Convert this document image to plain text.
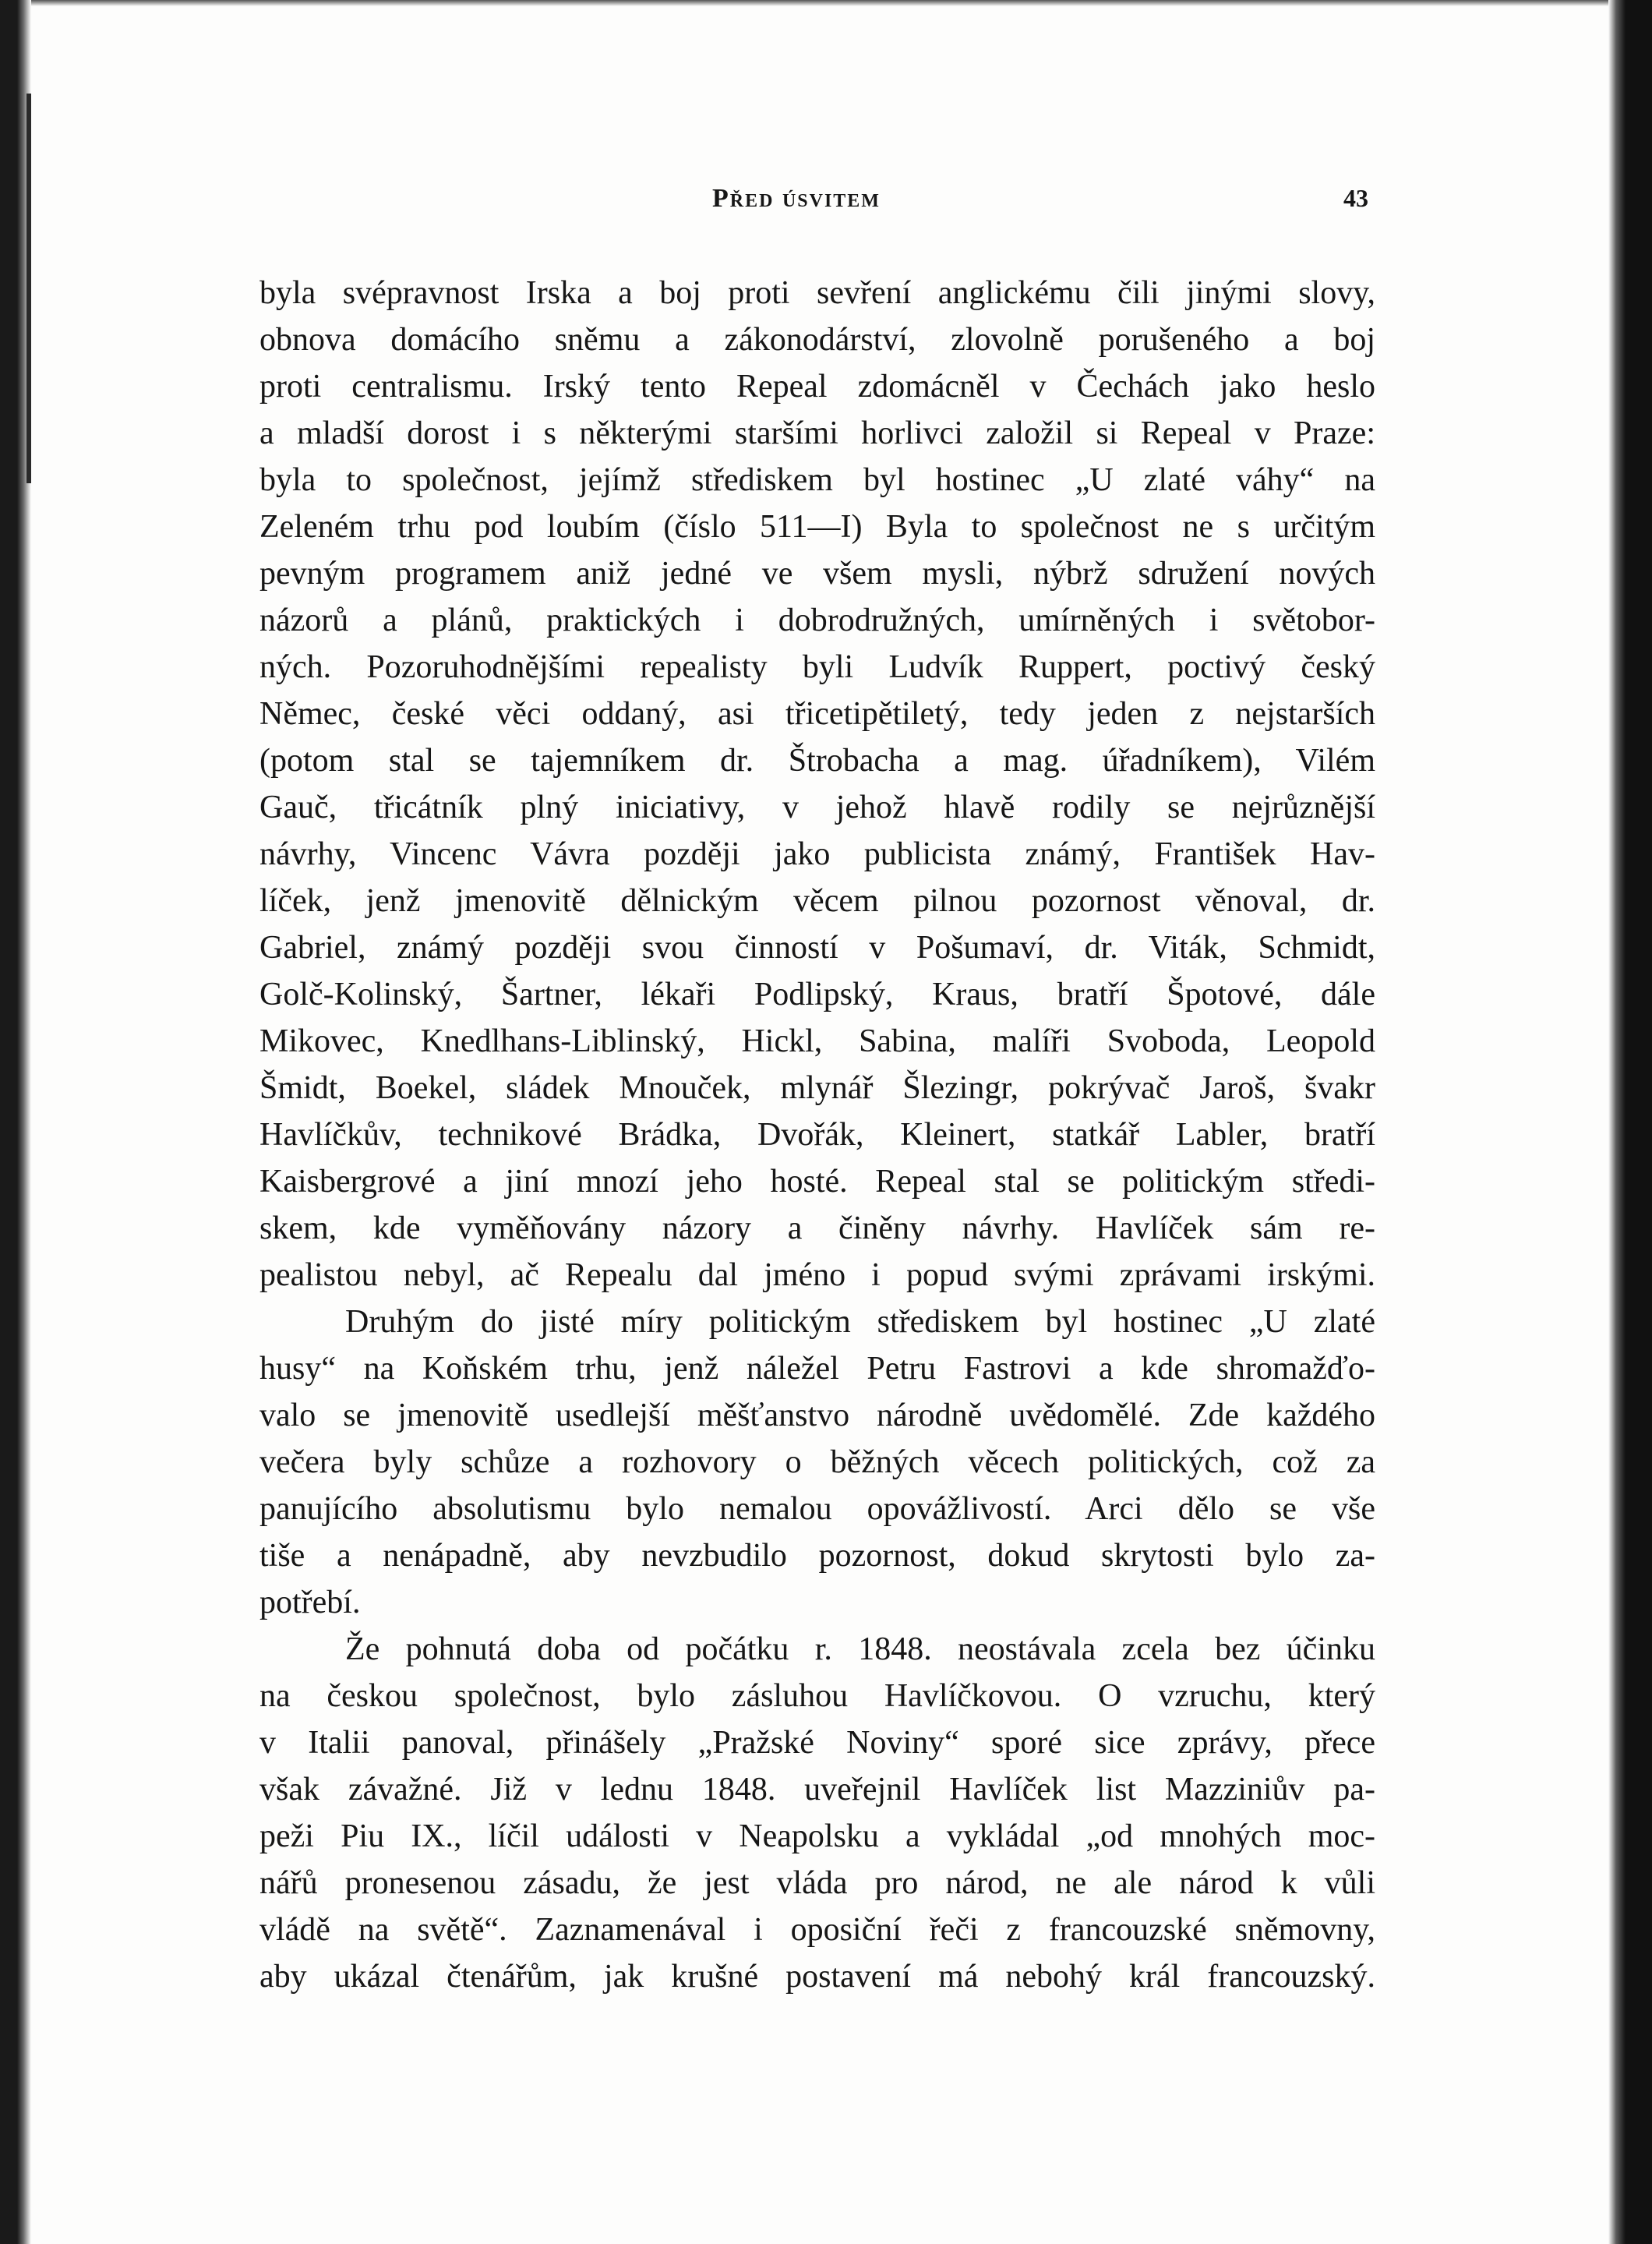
Před úsvitem	43
byla svépravnost Irska a boj proti sevření anglickému čili jinými slovy,
obnova domácího sněmu a zákonodárství, zlovolně porušeného a boj
proti centralismu. Irský tento Repeal zdomácněl v Čechách jako heslo
a mladší dorost i s některými staršími horlivci založil si Repeal v Praze:
byla to společnost, jejímž střediskem byl hostinec „U zlaté váhy“ na
Zeleném trhu pod loubím (číslo 511—I) Byla to společnost ne s určitým
pevným programem aniž jedné ve všem mysli, nýbrž sdružení nových
názorů a plánů, praktických i dobrodružných, umírněných i světobor-
ných. Pozoruhodnějšími repealisty byli Ludvík Ruppert, poctivý český
Němec, české věci oddaný, asi třicetipětiletý, tedy jeden z nejstarších
(potom stal se tajemníkem dr. Štrobacha a mag. úřadníkem), Vilém
Gauč, třicátník plný iniciativy, v jehož hlavě rodily se nejrůznější
návrhy, Vincenc Vávra později jako publicista známý, František Hav-
líček, jenž jmenovitě dělnickým věcem pilnou pozornost věnoval, dr.
Gabriel, známý později svou činností v Pošumaví, dr. Viták, Schmidt,
Golč-Kolinský, Šartner, lékaři Podlipský, Kraus, bratří Špotové, dále
Mikovec, Knedlhans-Liblinský, Hickl, Sabina, malíři Svoboda, Leopold
Šmidt, Boekel, sládek Mnouček, mlynář Šlezingr, pokrývač Jaroš, švakr
Havlíčkův, technikové Brádka, Dvořák, Kleinert, statkář Labler, bratří
Kaisbergrové a jiní mnozí jeho hosté. Repeal stal se politickým středi-
skem, kde vyměňovány názory a činěny návrhy. Havlíček sám re-
pealistou nebyl, ač Repealu dal jméno i popud svými zprávami irskými.
Druhým do jisté míry politickým střediskem byl hostinec „U zlaté
husy“ na Koňském trhu, jenž náležel Petru Fastrovi a kde shromažďo-
valo se jmenovitě usedlejší měšťanstvo národně uvědomělé. Zde každého
večera byly schůze a rozhovory o běžných věcech politických, což za
panujícího absolutismu bylo nemalou opovážlivostí. Arci dělo se vše
tiše a nenápadně, aby nevzbudilo pozornost, dokud skrytosti bylo za-
potřebí.
Že pohnutá doba od počátku r. 1848. neostávala zcela bez účinku
na českou společnost, bylo zásluhou Havlíčkovou. O vzruchu, který
v Italii panoval, přinášely „Pražské Noviny“ sporé sice zprávy, přece
však závažné. Již v lednu 1848. uveřejnil Havlíček list Mazziniův pa-
peži Piu IX., líčil události v Neapolsku a vykládal „od mnohých moc-
nářů pronesenou zásadu, že jest vláda pro národ, ne ale národ k vůli
vládě na světě“. Zaznamenával i oposiční řeči z francouzské sněmovny,
aby ukázal čtenářům, jak krušné postavení má nebohý král francouzský.
